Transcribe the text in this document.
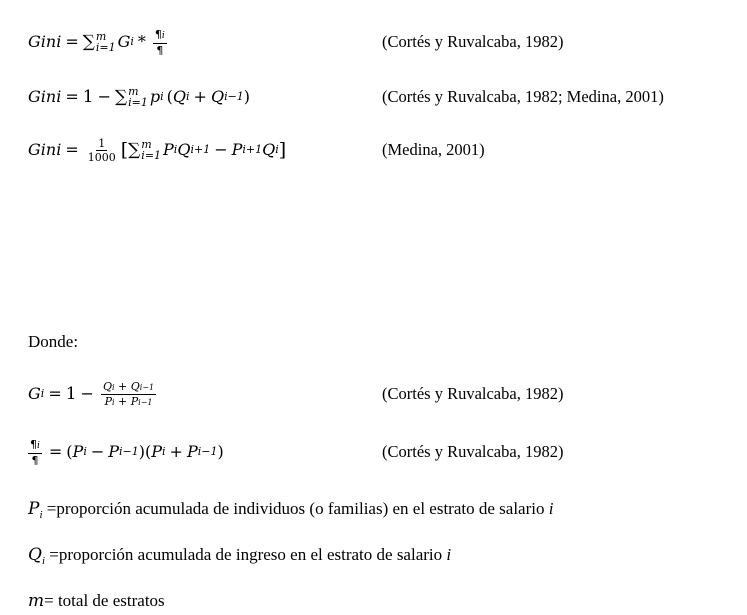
Gini = ∑ m
i=1 G i * $\frac{\P i}{\P}$	(Cortés y Ruvalcaba, 1982)
Gini = 1 − ∑ m
i=1 p i ( Q i + Q i−1 )	(Cortés y Ruvalcaba, 1982; Medina, 2001)
Gini = $\frac{1}{1000}$ [ ∑ m
i=1 P i Q i+1 − P i+1 Q i ]	(Medina, 2001)
Donde:
G $i = 1 - \frac{Qi + Qi-1}{Pi + Pi-1}$	(Cortés y Ruvalcaba, 1982)
$\frac{\P i}{\P}$ = ( P i − P i−1 )( P i + P i−1 )	(Cortés y Ruvalcaba, 1982)
$P_i$ =proporción acumulada de individuos (o familias) en el estrato de salario i
$Q_i$ =proporción acumulada de ingreso en el estrato de salario i
m= total de estratos
